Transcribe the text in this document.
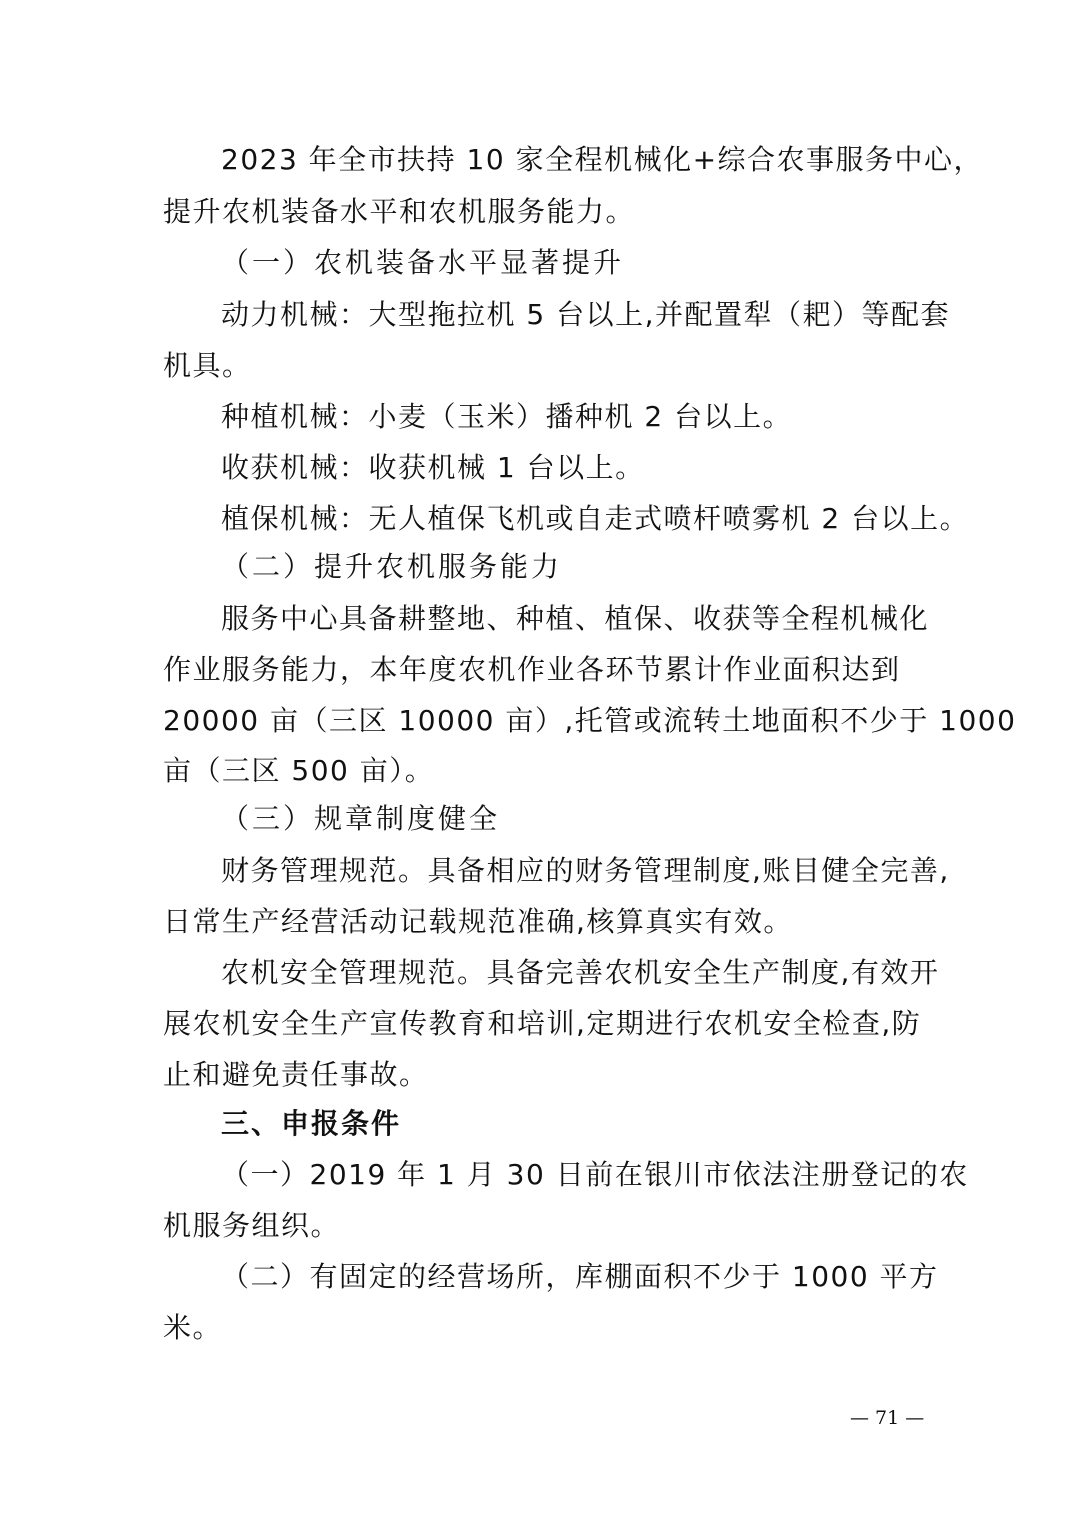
2023 年全市扶持 10 家全程机械化+综合农事服务中心，
提升农机装备水平和农机服务能力。
（一）农机装备水平显著提升
动力机械：大型拖拉机 5 台以上,并配置犁（耙）等配套
机具。
种植机械：小麦（玉米）播种机 2 台以上。
收获机械：收获机械 1 台以上。
植保机械：无人植保飞机或自走式喷杆喷雾机 2 台以上。
（二）提升农机服务能力
服务中心具备耕整地、种植、植保、收获等全程机械化
作业服务能力，本年度农机作业各环节累计作业面积达到
20000 亩（三区 10000 亩）,托管或流转土地面积不少于 1000
亩（三区 500 亩）。
（三）规章制度健全
财务管理规范。具备相应的财务管理制度,账目健全完善,
日常生产经营活动记载规范准确,核算真实有效。
农机安全管理规范。具备完善农机安全生产制度,有效开
展农机安全生产宣传教育和培训,定期进行农机安全检查,防
止和避免责任事故。
三、申报条件
（一）2019 年 1 月 30 日前在银川市依法注册登记的农
机服务组织。
（二）有固定的经营场所，库棚面积不少于 1000 平方
米。
— 71 —
